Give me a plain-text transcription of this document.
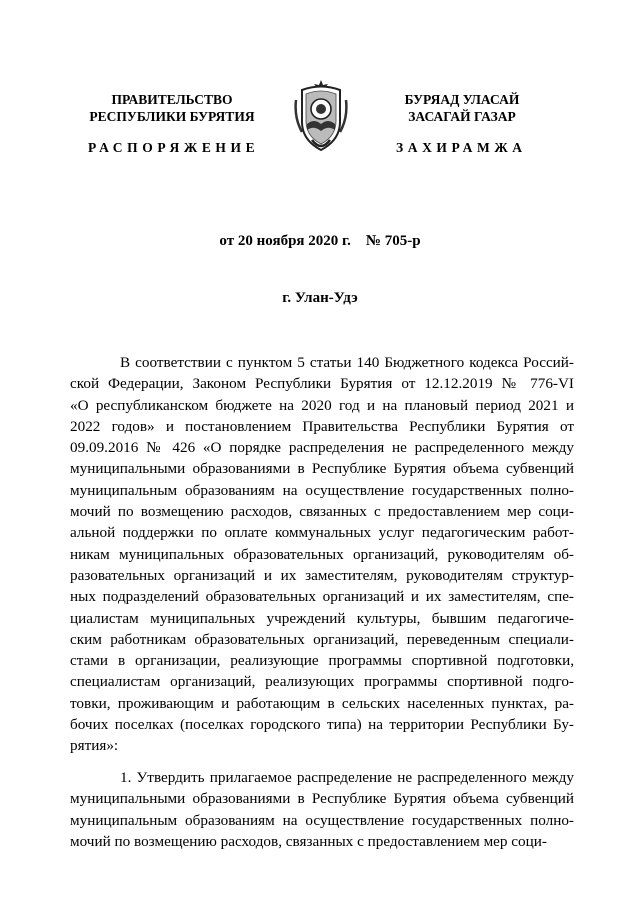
ПРАВИТЕЛЬСТВО
РЕСПУБЛИКИ БУРЯТИЯ
БУРЯАД УЛАСАЙ
ЗАСАГАЙ ГАЗАР
РАСПОРЯЖЕНИЕ	ЗАХИРАМЖА
от 20 ноября 2020 г.    № 705-р
г. Улан-Удэ
В соответствии с пунктом 5 статьи 140 Бюджетного кодекса Россий-
ской Федерации, Законом Республики Бурятия от 12.12.2019 № 776-VI
«О республиканском бюджете на 2020 год и на плановый период 2021 и
2022 годов» и постановлением Правительства Республики Бурятия от
09.09.2016 № 426 «О порядке распределения не распределенного между
муниципальными образованиями в Республике Бурятия объема субвенций
муниципальным образованиям на осуществление государственных полно-
мочий по возмещению расходов, связанных с предоставлением мер соци-
альной поддержки по оплате коммунальных услуг педагогическим работ-
никам муниципальных образовательных организаций, руководителям об-
разовательных организаций и их заместителям, руководителям структур-
ных подразделений образовательных организаций и их заместителям, спе-
циалистам муниципальных учреждений культуры, бывшим педагогиче-
ским работникам образовательных организаций, переведенным специали-
стами в организации, реализующие программы спортивной подготовки,
специалистам организаций, реализующих программы спортивной подго-
товки, проживающим и работающим в сельских населенных пунктах, ра-
бочих поселках (поселках городского типа) на территории Республики Бу-
рятия»:
1. Утвердить прилагаемое распределение не распределенного между
муниципальными образованиями в Республике Бурятия объема субвенций
муниципальным образованиям на осуществление государственных полно-
мочий по возмещению расходов, связанных с предоставлением мер соци-
